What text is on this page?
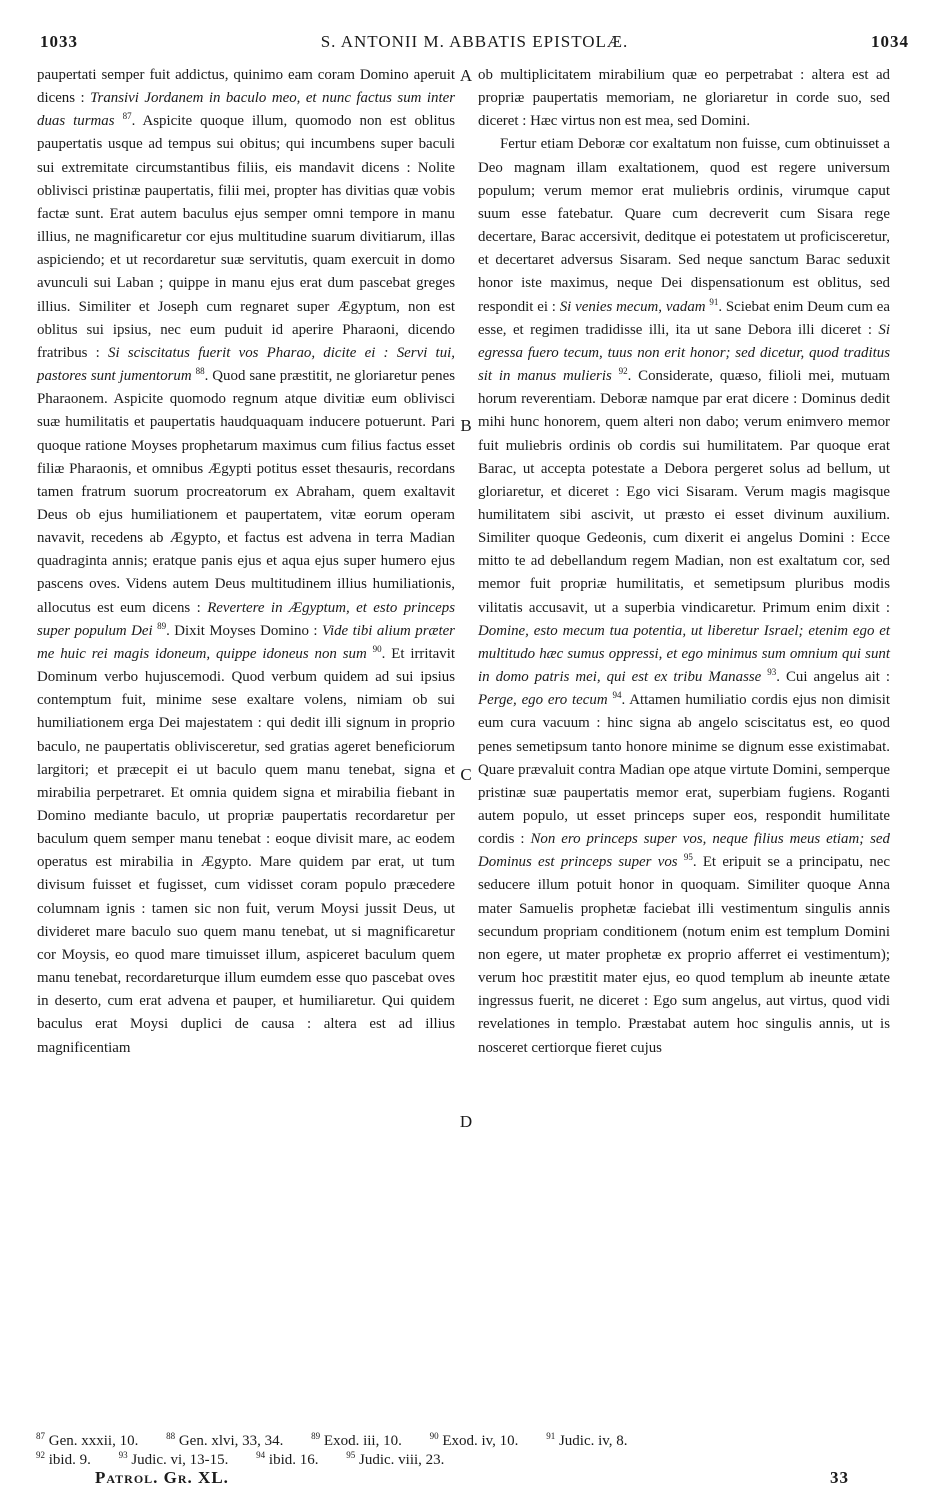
1033	S. ANTONII M. ABBATIS EPISTOLÆ.	1034

paupertati semper fuit addictus, quinimo eam coram Domino aperuit dicens : Transivi Jordanem in baculo meo, et nunc factus sum inter duas turmas $^{87}$. Aspicite quoque illum, quomodo non est oblitus paupertatis usque ad tempus sui obitus; qui incumbens super baculi sui extremitate circumstantibus filiis, eis mandavit dicens : Nolite oblivisci pristinæ paupertatis, filii mei, propter has divitias quæ vobis factæ sunt. Erat autem baculus ejus semper omni tempore in manu illius, ne magnificaretur cor ejus multitudine suarum divitiarum, illas aspiciendo; et ut recordaretur suæ servitutis, quam exercuit in domo avunculi sui Laban ; quippe in manu ejus erat dum pascebat greges illius. Similiter et Joseph cum regnaret super Ægyptum, non est oblitus sui ipsius, nec eum puduit id aperire Pharaoni, dicendo fratribus : Si sciscitatus fuerit vos Pharao, dicite ei : Servi tui, pastores sunt jumentorum $^{88}$. Quod sane præstitit, ne gloriaretur penes Pharaonem. Aspicite quomodo regnum atque divitiæ eum oblivisci suæ humilitatis et paupertatis haudquaquam inducere potuerunt. Pari quoque ratione Moyses prophetarum maximus cum filius factus esset filiæ Pharaonis, et omnibus Ægypti potitus esset thesauris, recordans tamen fratrum suorum procreatorum ex Abraham, quem exaltavit Deus ob ejus humiliationem et paupertatem, vitæ eorum operam navavit, recedens ab Ægypto, et factus est advena in terra Madian quadraginta annis; eratque panis ejus et aqua ejus super humero ejus pascens oves. Videns autem Deus multitudinem illius humiliationis, allocutus est eum dicens : Revertere in Ægyptum, et esto princeps super populum Dei $^{89}$. Dixit Moyses Domino : Vide tibi alium præter me huic rei magis idoneum, quippe idoneus non sum $^{90}$. Et irritavit Dominum verbo hujuscemodi. Quod verbum quidem ad sui ipsius contemptum fuit, minime sese exaltare volens, nimiam ob sui humiliationem erga Dei majestatem : qui dedit illi signum in proprio baculo, ne paupertatis oblivisceretur, sed gratias ageret beneficiorum largitori; et præcepit ei ut baculo quem manu tenebat, signa et mirabilia perpetraret. Et omnia quidem signa et mirabilia fiebant in Domino mediante baculo, ut propriæ paupertatis recordaretur per baculum quem semper manu tenebat : eoque divisit mare, ac eodem operatus est mirabilia in Ægypto. Mare quidem par erat, ut tum divisum fuisset et fugisset, cum vidisset coram populo præcedere columnam ignis : tamen sic non fuit, verum Moysi jussit Deus, ut divideret mare baculo suo quem manu tenebat, ut si magnificaretur cor Moysis, eo quod mare timuisset illum, aspiceret baculum quem manu tenebat, recordareturque illum eumdem esse quo pascebat oves in deserto, cum erat advena et pauper, et humiliaretur. Qui quidem baculus erat Moysi duplici de causa : altera est ad illius magnificentiam

A
B
C
D

ob multiplicitatem mirabilium quæ eo perpetrabat : altera est ad propriæ paupertatis memoriam, ne gloriaretur in corde suo, sed diceret : Hæc virtus non est mea, sed Domini.

Fertur etiam Deboræ cor exaltatum non fuisse, cum obtinuisset a Deo magnam illam exaltationem, quod est regere universum populum; verum memor erat muliebris ordinis, virumque caput suum esse fatebatur. Quare cum decreverit cum Sisara rege decertare, Barac accersivit, deditque ei potestatem ut proficisceretur, et decertaret adversus Sisaram. Sed neque sanctum Barac seduxit honor iste maximus, neque Dei dispensationum est oblitus, sed respondit ei : Si venies mecum, vadam $^{91}$. Sciebat enim Deum cum ea esse, et regimen tradidisse illi, ita ut sane Debora illi diceret : Si egressa fuero tecum, tuus non erit honor; sed dicetur, quod traditus sit in manus mulieris $^{92}$. Considerate, quæso, filioli mei, mutuam horum reverentiam. Deboræ namque par erat dicere : Dominus dedit mihi hunc honorem, quem alteri non dabo; verum enimvero memor fuit muliebris ordinis ob cordis sui humilitatem. Par quoque erat Barac, ut accepta potestate a Debora pergeret solus ad bellum, ut gloriaretur, et diceret : Ego vici Sisaram. Verum magis magisque humilitatem sibi ascivit, ut præsto ei esset divinum auxilium. Similiter quoque Gedeonis, cum dixerit ei angelus Domini : Ecce mitto te ad debellandum regem Madian, non est exaltatum cor, sed memor fuit propriæ humilitatis, et semetipsum pluribus modis vilitatis accusavit, ut a superbia vindicaretur. Primum enim dixit : Domine, esto mecum tua potentia, ut liberetur Israel; etenim ego et multitudo hæc sumus oppressi, et ego minimus sum omnium qui sunt in domo patris mei, qui est ex tribu Manasse $^{93}$. Cui angelus ait : Perge, ego ero tecum $^{94}$. Attamen humiliatio cordis ejus non dimisit eum cura vacuum : hinc signa ab angelo sciscitatus est, eo quod penes semetipsum tanto honore minime se dignum esse existimabat. Quare prævaluit contra Madian ope atque virtute Domini, semperque pristinæ suæ paupertatis memor erat, superbiam fugiens. Roganti autem populo, ut esset princeps super eos, respondit humilitate cordis : Non ero princeps super vos, neque filius meus etiam; sed Dominus est princeps super vos $^{95}$. Et eripuit se a principatu, nec seducere illum potuit honor in quoquam. Similiter quoque Anna mater Samuelis prophetæ faciebat illi vestimentum singulis annis secundum propriam conditionem (notum enim est templum Domini non egere, ut mater prophetæ ex proprio afferret ei vestimentum); verum hoc præstitit mater ejus, eo quod templum ab ineunte ætate ingressus fuerit, ne diceret : Ego sum angelus, aut virtus, quod vidi revelationes in templo. Præstabat autem hoc singulis annis, ut is nosceret certiorque fieret cujus

$^{87}$ Gen. xxxii, 10.	$^{88}$ Gen. xlvi, 33, 34.	$^{89}$ Exod. iii, 10.	$^{90}$ Exod. iv, 10.	$^{91}$ Judic. iv, 8.
$^{92}$ ibid. 9.	$^{93}$ Judic. vi, 13-15.	$^{94}$ ibid. 16.	$^{95}$ Judic. viii, 23.
Patrol. Gr. XL.	33
